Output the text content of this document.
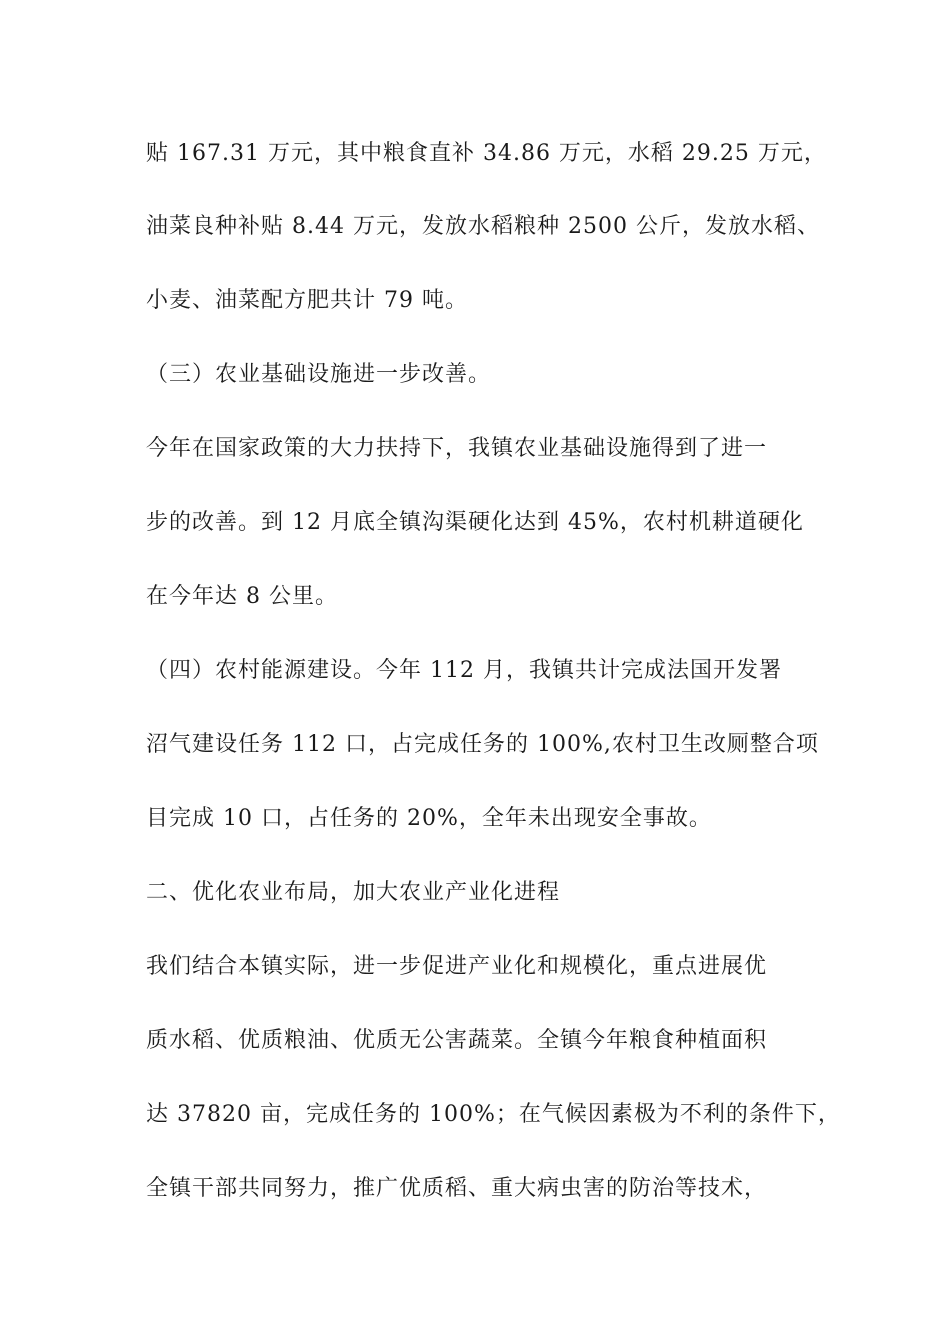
贴 167.31 万元，其中粮食直补 34.86 万元，水稻 29.25 万元，
油菜良种补贴 8.44 万元，发放水稻粮种 2500 公斤，发放水稻、
小麦、油菜配方肥共计 79 吨。
（三）农业基础设施进一步改善。
今年在国家政策的大力扶持下，我镇农业基础设施得到了进一
步的改善。到 12 月底全镇沟渠硬化达到 45%，农村机耕道硬化
在今年达 8 公里。
（四）农村能源建设。今年 112 月，我镇共计完成法国开发署
沼气建设任务 112 口，占完成任务的 100%,农村卫生改厕整合项
目完成 10 口，占任务的 20%，全年未出现安全事故。
二、优化农业布局，加大农业产业化进程
我们结合本镇实际，进一步促进产业化和规模化，重点进展优
质水稻、优质粮油、优质无公害蔬菜。全镇今年粮食种植面积
达 37820 亩，完成任务的 100%；在气候因素极为不利的条件下，
全镇干部共同努力，推广优质稻、重大病虫害的防治等技术，
